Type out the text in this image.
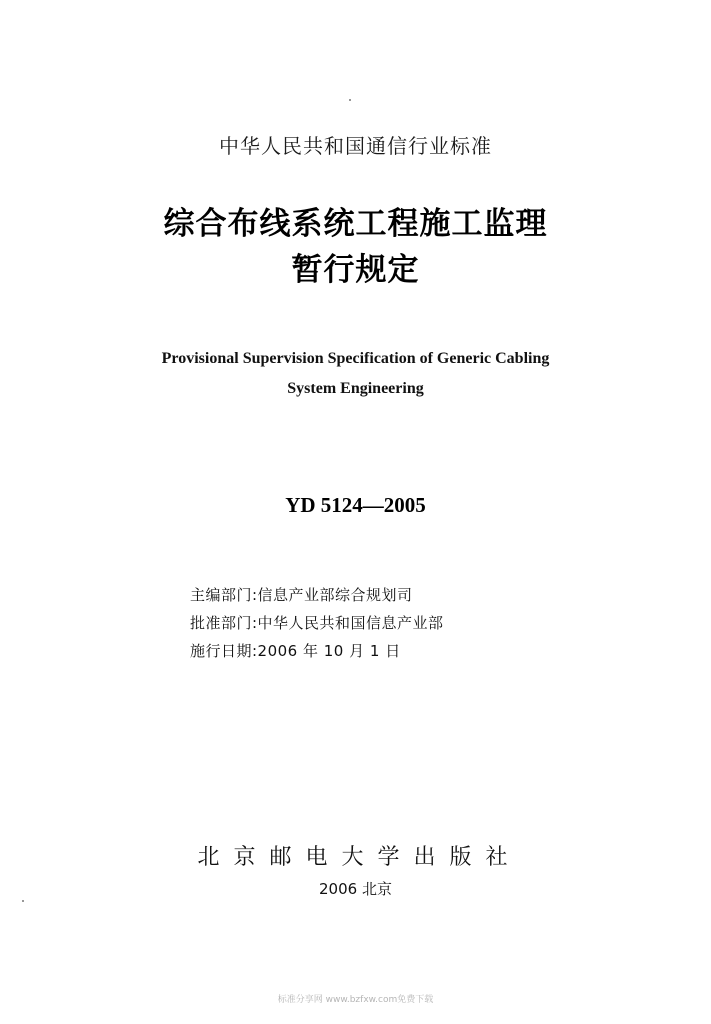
中华人民共和国通信行业标准
综合布线系统工程施工监理
暂行规定
Provisional Supervision Specification of Generic Cabling
System Engineering
YD 5124—2005
主编部门:信息产业部综合规划司
批准部门:中华人民共和国信息产业部
施行日期:2006 年 10 月 1 日
北京邮电大学出版社
2006 北京
标准分享网 www.bzfxw.com免费下载
